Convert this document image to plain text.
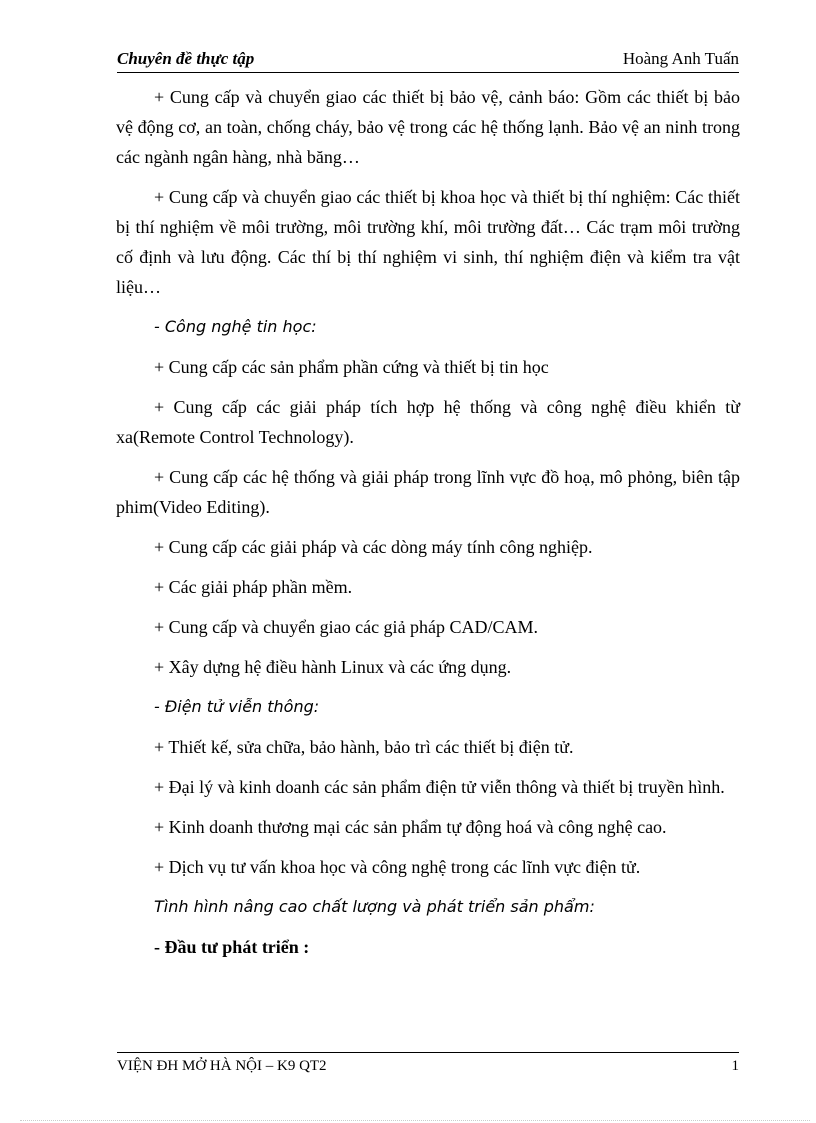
Chuyên đề thực tập	Hoàng Anh Tuấn

+ Cung cấp và chuyển giao các thiết bị bảo vệ, cảnh báo: Gồm các thiết bị bảo vệ động cơ, an toàn, chống cháy, bảo vệ trong các hệ thống lạnh. Bảo vệ an ninh trong các ngành ngân hàng, nhà băng…

+ Cung cấp và chuyển giao các thiết bị khoa học và thiết bị thí nghiệm: Các thiết bị thí nghiệm về môi trường, môi trường khí, môi trường đất… Các trạm môi trường cố định và lưu động. Các thí bị thí nghiệm vi sinh, thí nghiệm điện và kiểm tra vật liệu…

- Công nghệ tin học:

+ Cung cấp các sản phẩm phần cứng và thiết bị tin học

+ Cung cấp các giải pháp tích hợp hệ thống và công nghệ điều khiển từ xa(Remote Control Technology).

+ Cung cấp các hệ thống và giải pháp trong lĩnh vực đồ hoạ, mô phỏng, biên tập phim(Video Editing).

+ Cung cấp các giải pháp và các dòng máy tính công nghiệp.

+ Các giải pháp phần mềm.

+ Cung cấp và chuyển giao các giả pháp CAD/CAM.

+ Xây dựng hệ điều hành Linux và các ứng dụng.

- Điện tử viễn thông:

+ Thiết kế, sửa chữa, bảo hành, bảo trì các thiết bị điện tử.

+ Đại lý và kinh doanh các sản phẩm điện tử viễn thông và thiết bị truyền hình.

+ Kinh doanh thương mại các sản phẩm tự động hoá và công nghệ cao.

+ Dịch vụ tư vấn khoa học và công nghệ trong các lĩnh vực điện tử.

Tình hình nâng cao chất lượng và phát triển sản phẩm:

- Đầu tư phát triển :

VIỆN ĐH MỞ HÀ NỘI – K9 QT2	1
